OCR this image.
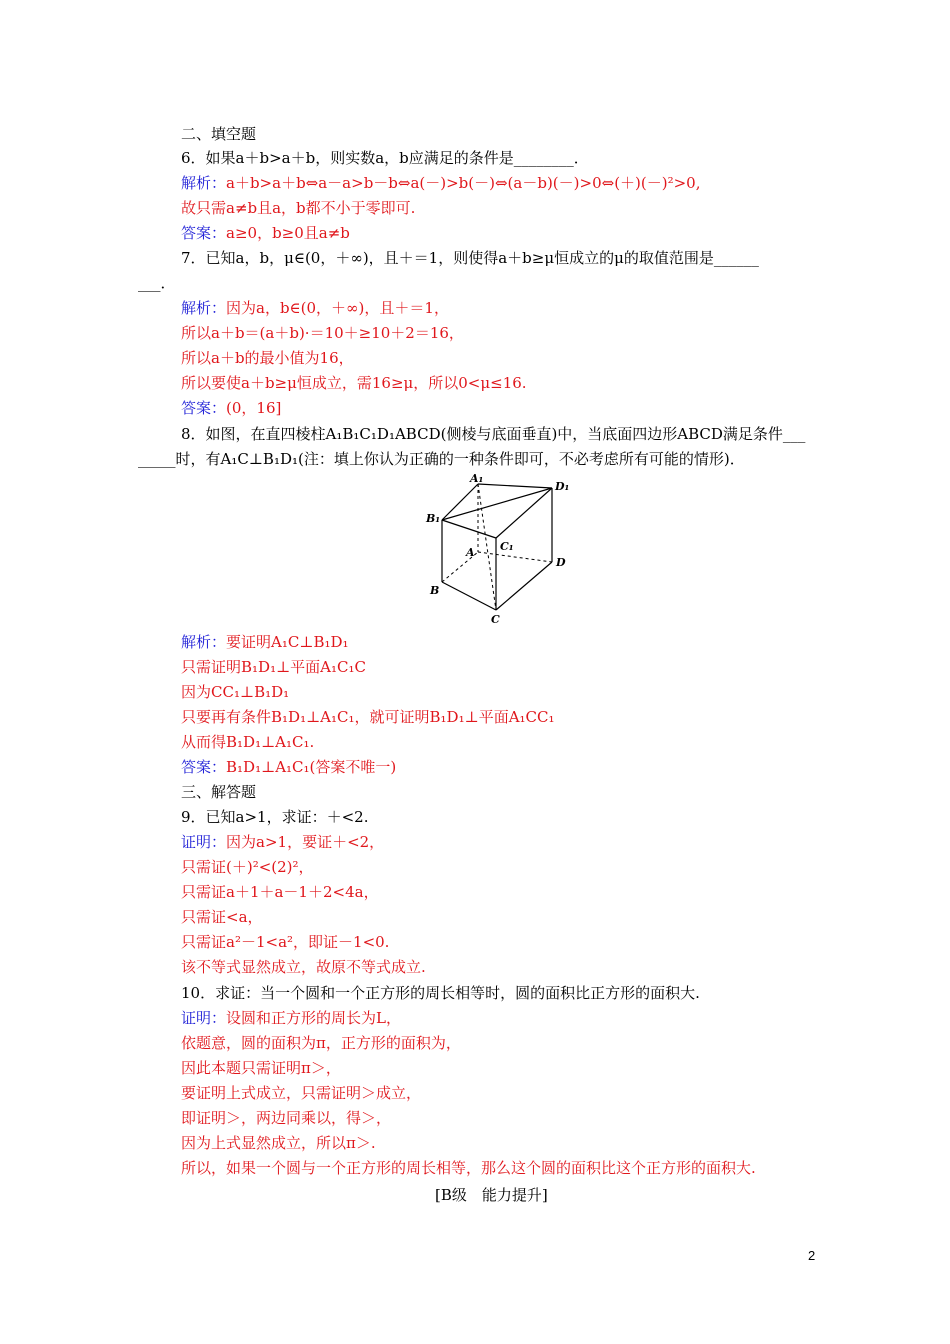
二、填空题
6．如果a＋b>a＋b，则实数a，b应满足的条件是________．
解析：a＋b>a＋b⇔a－a>b－b⇔a(－)>b(－)⇔(a－b)(－)>0⇔(＋)(－)²>0,
故只需a≠b且a，b都不小于零即可.
答案：a≥0，b≥0且a≠b
7．已知a，b，μ∈(0，＋∞)，且＋＝1，则使得a＋b≥μ恒成立的μ的取值范围是______
___．
解析：因为a，b∈(0，＋∞)，且＋＝1，
所以a＋b＝(a＋b)·＝10＋≥10＋2＝16，
所以a＋b的最小值为16，
所以要使a＋b≥μ恒成立，需16≥μ，所以0<μ≤16.
答案：(0，16]
8．如图，在直四棱柱A₁B₁C₁D₁ABCD(侧棱与底面垂直)中，当底面四边形ABCD满足条件___
_____时，有A₁C⊥B₁D₁(注：填上你认为正确的一种条件即可，不必考虑所有可能的情形)．
A₁
D₁
B₁
C₁
A
D
B
C
解析：要证明A₁C⊥B₁D₁
只需证明B₁D₁⊥平面A₁C₁C
因为CC₁⊥B₁D₁
只要再有条件B₁D₁⊥A₁C₁，就可证明B₁D₁⊥平面A₁CC₁
从而得B₁D₁⊥A₁C₁.
答案：B₁D₁⊥A₁C₁(答案不唯一)
三、解答题
9．已知a>1，求证：＋<2.
证明：因为a>1，要证＋<2，
只需证(＋)²<(2)²，
只需证a＋1＋a－1＋2<4a，
只需证<a，
只需证a²－1<a²，即证－1<0.
该不等式显然成立，故原不等式成立.
10．求证：当一个圆和一个正方形的周长相等时，圆的面积比正方形的面积大.
证明：设圆和正方形的周长为L，
依题意，圆的面积为π，正方形的面积为，
因此本题只需证明π＞，
要证明上式成立，只需证明＞成立，
即证明＞，两边同乘以，得＞，
因为上式显然成立，所以π＞.
所以，如果一个圆与一个正方形的周长相等，那么这个圆的面积比这个正方形的面积大.
[B级　能力提升]
2
